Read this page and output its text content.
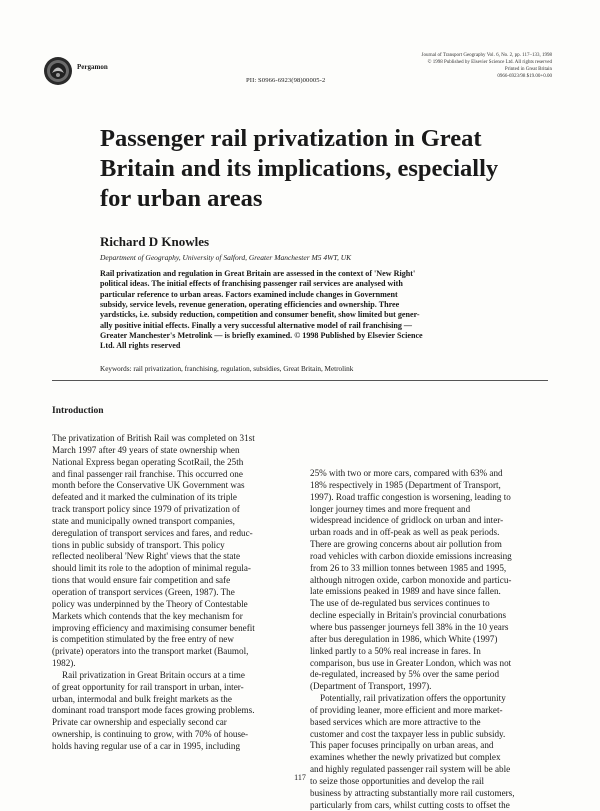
Pergamon
PII: S0966-6923(98)00005-2
Journal of Transport Geography Vol. 6, No. 2, pp. 117–133, 1998
© 1998 Published by Elsevier Science Ltd. All rights reserved
Printed in Great Britain
0966-6923/98 $19.00+0.00
Passenger rail privatization in Great Britain and its implications, especially for urban areas
Richard D Knowles
Department of Geography, University of Salford, Greater Manchester M5 4WT, UK

Rail privatization and regulation in Great Britain are assessed in the context of 'New Right'
political ideas. The initial effects of franchising passenger rail services are analysed with
particular reference to urban areas. Factors examined include changes in Government
subsidy, service levels, revenue generation, operating efficiencies and ownership. Three
yardsticks, i.e. subsidy reduction, competition and consumer benefit, show limited but gener-
ally positive initial effects. Finally a very successful alternative model of rail franchising —
Greater Manchester's Metrolink — is briefly examined. © 1998 Published by Elsevier Science
Ltd. All rights reserved

Keywords: rail privatization, franchising, regulation, subsidies, Great Britain, Metrolink
Introduction
The privatization of British Rail was completed on 31st
March 1997 after 49 years of state ownership when
National Express began operating ScotRail, the 25th
and final passenger rail franchise. This occurred one
month before the Conservative UK Government was
defeated and it marked the culmination of its triple
track transport policy since 1979 of privatization of
state and municipally owned transport companies,
deregulation of transport services and fares, and reduc-
tions in public subsidy of transport. This policy
reflected neoliberal 'New Right' views that the state
should limit its role to the adoption of minimal regula-
tions that would ensure fair competition and safe
operation of transport services (Green, 1987). The
policy was underpinned by the Theory of Contestable
Markets which contends that the key mechanism for
improving efficiency and maximising consumer benefit
is competition stimulated by the free entry of new
(private) operators into the transport market (Baumol,
1982).
Rail privatization in Great Britain occurs at a time
of great opportunity for rail transport in urban, inter-
urban, intermodal and bulk freight markets as the
dominant road transport mode faces growing problems.
Private car ownership and especially second car
ownership, is continuing to grow, with 70% of house-
holds having regular use of a car in 1995, including
25% with two or more cars, compared with 63% and
18% respectively in 1985 (Department of Transport,
1997). Road traffic congestion is worsening, leading to
longer journey times and more frequent and
widespread incidence of gridlock on urban and inter-
urban roads and in off-peak as well as peak periods.
There are growing concerns about air pollution from
road vehicles with carbon dioxide emissions increasing
from 26 to 33 million tonnes between 1985 and 1995,
although nitrogen oxide, carbon monoxide and particu-
late emissions peaked in 1989 and have since fallen.
The use of de-regulated bus services continues to
decline especially in Britain's provincial conurbations
where bus passenger journeys fell 38% in the 10 years
after bus deregulation in 1986, which White (1997)
linked partly to a 50% real increase in fares. In
comparison, bus use in Greater London, which was not
de-regulated, increased by 5% over the same period
(Department of Transport, 1997).
Potentially, rail privatization offers the opportunity
of providing leaner, more efficient and more market-
based services which are more attractive to the
customer and cost the taxpayer less in public subsidy.
This paper focuses principally on urban areas, and
examines whether the newly privatized but complex
and highly regulated passenger rail system will be able
to seize those opportunities and develop the rail
business by attracting substantially more rail customers,
particularly from cars, whilst cutting costs to offset the
117
